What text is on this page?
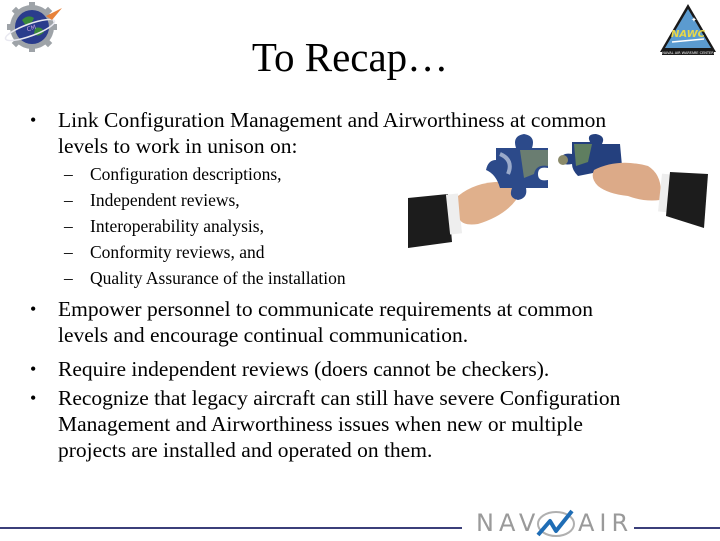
CM
✦
NAWC
NAVAL AIR WARFARE CENTER
To Recap…
• Link Configuration Management and Airworthiness at common
levels to work in unison on:
– Configuration descriptions,
– Independent reviews,
– Interoperability analysis,
– Conformity reviews, and
– Quality Assurance of the installation
• Empower personnel to communicate requirements at common
levels and encourage continual communication.
• Require independent reviews (doers cannot be checkers).
• Recognize that legacy aircraft can still have severe Configuration
Management and Airworthiness issues when new or multiple
projects are installed and operated on them.
NAV AIR
